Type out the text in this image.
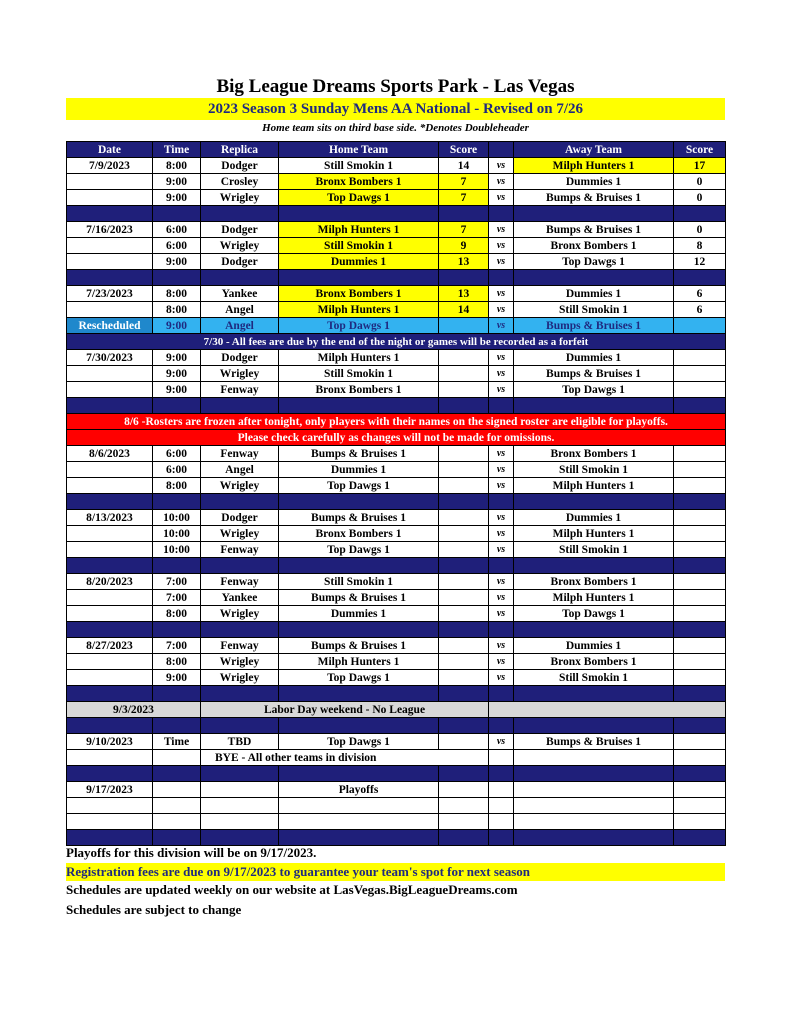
Big League Dreams Sports Park - Las Vegas
2023 Season 3 Sunday Mens AA National - Revised on 7/26
Home team sits on third base side. *Denotes Doubleheader
Date	Time	Replica	Home Team	Score		Away Team	Score
7/9/2023	8:00	Dodger	Still Smokin 1	14	vs	Milph Hunters 1	17
	9:00	Crosley	Bronx Bombers 1	7	vs	Dummies 1	0
	9:00	Wrigley	Top Dawgs 1	7	vs	Bumps & Bruises 1	0

7/16/2023	6:00	Dodger	Milph Hunters 1	7	vs	Bumps & Bruises 1	0
	6:00	Wrigley	Still Smokin 1	9	vs	Bronx Bombers 1	8
	9:00	Dodger	Dummies 1	13	vs	Top Dawgs 1	12

7/23/2023	8:00	Yankee	Bronx Bombers 1	13	vs	Dummies 1	6
	8:00	Angel	Milph Hunters 1	14	vs	Still Smokin 1	6
Rescheduled	9:00	Angel	Top Dawgs 1		vs	Bumps & Bruises 1	
7/30 - All fees are due by the end of the night or games will be recorded as a forfeit							
7/30/2023	9:00	Dodger	Milph Hunters 1		vs	Dummies 1	
	9:00	Wrigley	Still Smokin 1		vs	Bumps & Bruises 1	
	9:00	Fenway	Bronx Bombers 1		vs	Top Dawgs 1	

8/6 -Rosters are frozen after tonight, only players with their names on the signed roster are eligible for playoffs.							
Please check carefully as changes will not be made for omissions.							
8/6/2023	6:00	Fenway	Bumps & Bruises 1		vs	Bronx Bombers 1	
	6:00	Angel	Dummies 1		vs	Still Smokin 1	
	8:00	Wrigley	Top Dawgs 1		vs	Milph Hunters 1	

8/13/2023	10:00	Dodger	Bumps & Bruises 1		vs	Dummies 1	
	10:00	Wrigley	Bronx Bombers 1		vs	Milph Hunters 1	
	10:00	Fenway	Top Dawgs 1		vs	Still Smokin 1	

8/20/2023	7:00	Fenway	Still Smokin 1		vs	Bronx Bombers 1	
	7:00	Yankee	Bumps & Bruises 1		vs	Milph Hunters 1	
	8:00	Wrigley	Dummies 1		vs	Top Dawgs 1	

8/27/2023	7:00	Fenway	Bumps & Bruises 1		vs	Dummies 1	
	8:00	Wrigley	Milph Hunters 1		vs	Bronx Bombers 1	
	9:00	Wrigley	Top Dawgs 1		vs	Still Smokin 1	

9/3/2023		Labor Day weekend - No League					

9/10/2023	Time	TBD	Top Dawgs 1		vs	Bumps & Bruises 1	
		BYE - All other teams in division					

9/17/2023			Playoffs				

Playoffs for this division will be on 9/17/2023.
Registration fees are due on 9/17/2023 to guarantee your team's spot for next season
Schedules are updated weekly on our website at LasVegas.BigLeagueDreams.com
Schedules are subject to change
